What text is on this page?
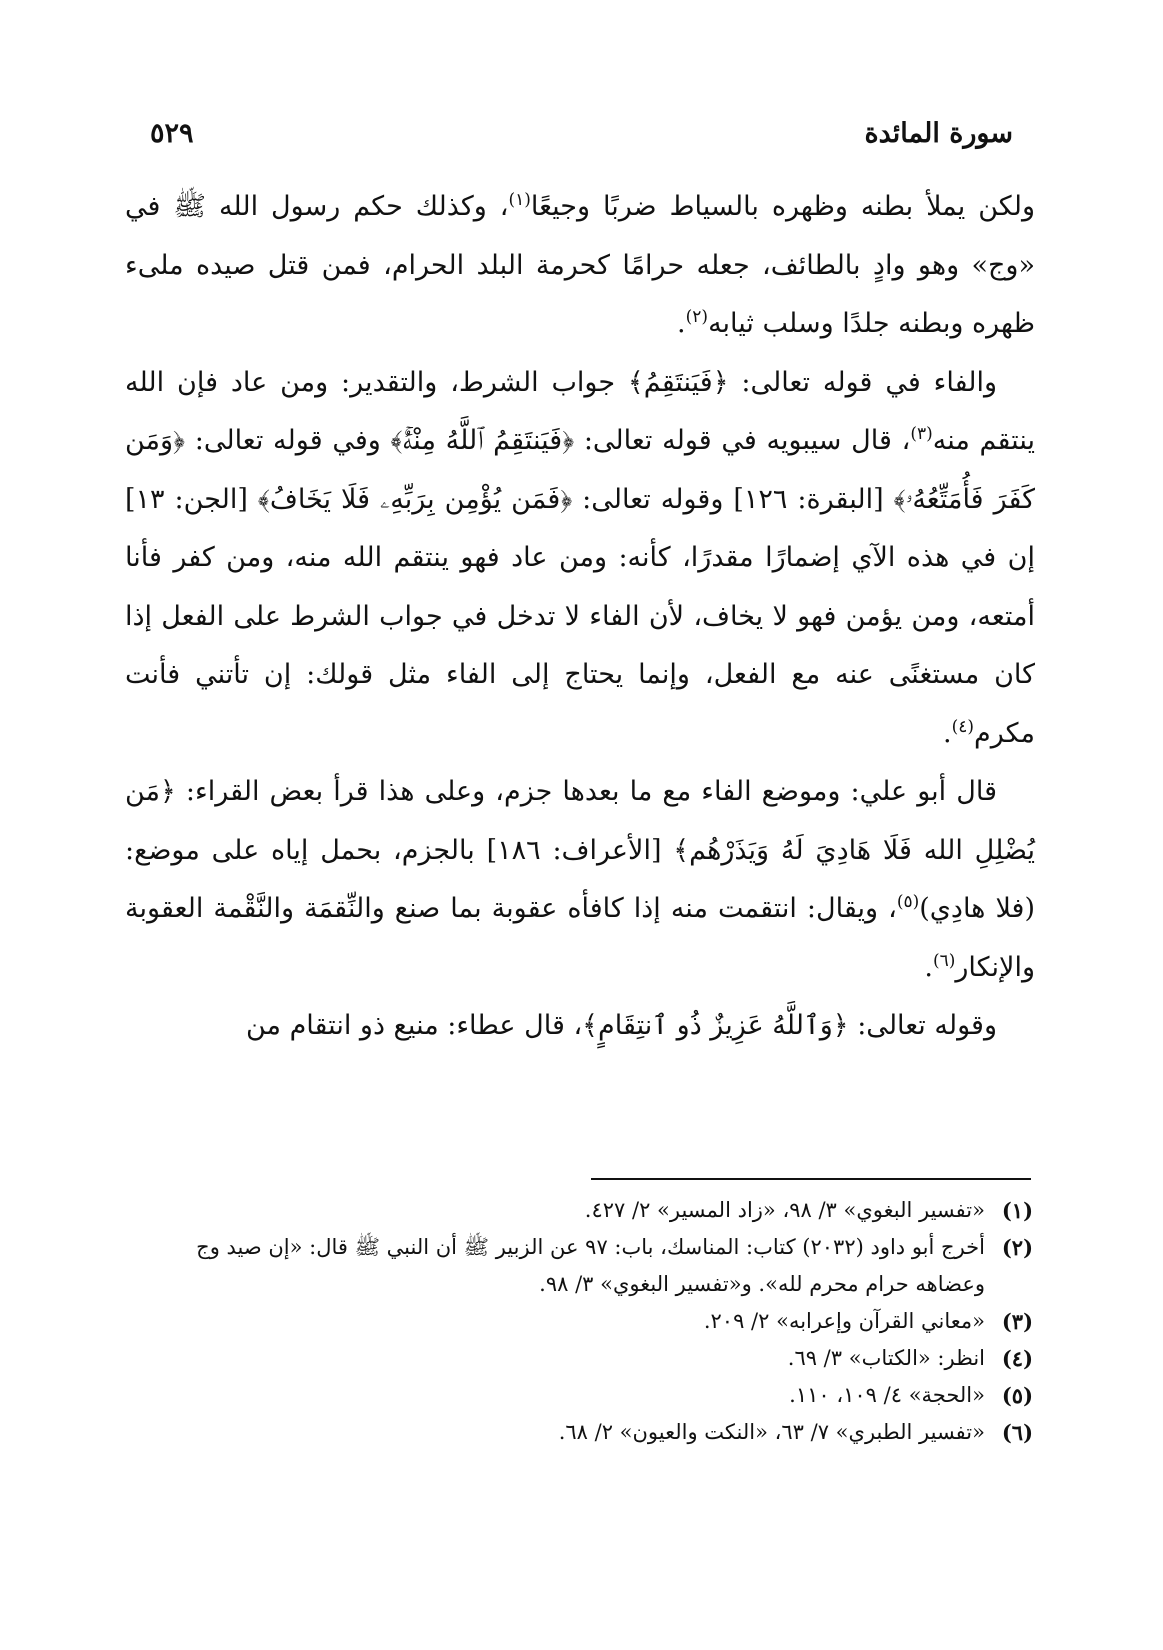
سورة المائدة
٥٢٩

ولكن يملأ بطنه وظهره بالسياط ضربًا وجيعًا$^{(١)}$، وكذلك حكم رسول الله ﷺ في «وج» وهو وادٍ بالطائف، جعله حرامًا كحرمة البلد الحرام، فمن قتل صيده ملىء ظهره وبطنه جلدًا وسلب ثيابه$^{(٢)}$.

والفاء في قوله تعالى: ﴿فَيَنتَقِمُ﴾ جواب الشرط، والتقدير: ومن عاد فإن الله ينتقم منه$^{(٣)}$، قال سيبويه في قوله تعالى: ﴿فَيَنتَقِمُ ٱللَّهُ مِنْهُۚ﴾ وفي قوله تعالى: ﴿وَمَن كَفَرَ فَأُمَتِّعُهُۥ﴾ [البقرة: ١٢٦] وقوله تعالى: ﴿فَمَن يُؤْمِن بِرَبِّهِۦ فَلَا يَخَافُ﴾ [الجن: ١٣] إن في هذه الآي إضمارًا مقدرًا، كأنه: ومن عاد فهو ينتقم الله منه، ومن كفر فأنا أمتعه، ومن يؤمن فهو لا يخاف، لأن الفاء لا تدخل في جواب الشرط على الفعل إذا كان مستغنًى عنه مع الفعل، وإنما يحتاج إلى الفاء مثل قولك: إن تأتني فأنت مكرم$^{(٤)}$.

قال أبو علي: وموضع الفاء مع ما بعدها جزم، وعلى هذا قرأ بعض القراء: ﴿مَن يُضْلِلِ الله فَلَا هَادِيَ لَهُ وَيَذَرْهُم﴾ [الأعراف: ١٨٦] بالجزم، بحمل إياه على موضع: (فلا هادِي)$^{(٥)}$، ويقال: انتقمت منه إذا كافأه عقوبة بما صنع والنِّقمَة والنَّقْمة العقوبة والإنكار$^{(٦)}$.

وقوله تعالى: ﴿وَٱللَّهُ عَزِيزٌ ذُو ٱنتِقَامٍ﴾، قال عطاء: منيع ذو انتقام من

(١)
«تفسير البغوي» ٣/ ٩٨، «زاد المسير» ٢/ ٤٢٧.
(٢)
أخرج أبو داود (٢٠٣٢) كتاب: المناسك، باب: ٩٧ عن الزبير ﷺ أن النبي ﷺ قال: «إن صيد وج وعضاهه حرام محرم لله». و«تفسير البغوي» ٣/ ٩٨.
(٣)
«معاني القرآن وإعرابه» ٢/ ٢٠٩.
(٤)
انظر: «الكتاب» ٣/ ٦٩.
(٥)
«الحجة» ٤/ ١٠٩، ١١٠.
(٦)
«تفسير الطبري» ٧/ ٦٣، «النكت والعيون» ٢/ ٦٨.
